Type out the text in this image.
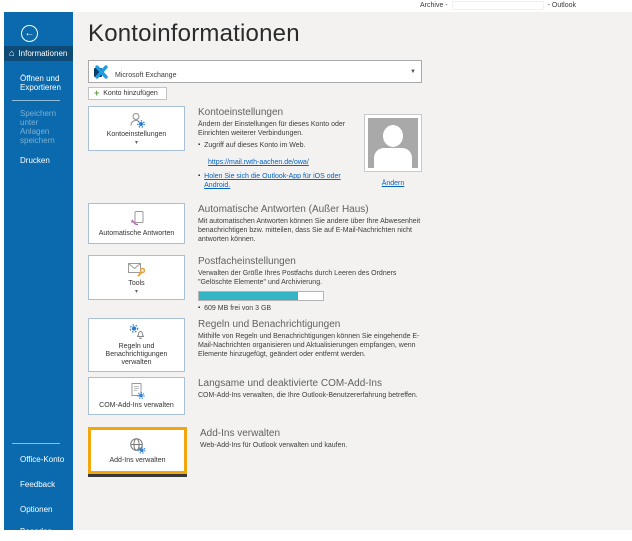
Archive -	- Outlook
←
⌂ Informationen
Öffnen und Exportieren
Speichern unter
Anlagen speichern
Drucken
Office-Konto
Feedback
Optionen
Beenden
Kontoinformationen
Microsoft Exchange	▼
+ Konto hinzufügen
Kontoeinstellungen
▾
Kontoeinstellungen

Ändern der Einstellungen für dieses Konto oder Einrichten weiterer Verbindungen.

▪ Zugriff auf dieses Konto im Web.
https://mail.rwth-aachen.de/owa/
▪ Holen Sie sich die Outlook-App für iOS oder Android.	Ändern
Automatische Antworten
Automatische Antworten (Außer Haus)

Mit automatischen Antworten können Sie andere über Ihre Abwesenheit benachrichtigen bzw. mitteilen, dass Sie auf E-Mail-Nachrichten nicht antworten können.

Tools
▾
Postfacheinstellungen

Verwalten der Größe Ihres Postfachs durch Leeren des Ordners "Gelöschte Elemente" und Archivierung.

▪ 609 MB frei von 3 GB
Regeln und Benachrichtigungen verwalten
Regeln und Benachrichtigungen

Mithilfe von Regeln und Benachrichtigungen können Sie eingehende E-Mail-Nachrichten organisieren und Aktualisierungen empfangen, wenn Elemente hinzugefügt, geändert oder entfernt werden.

COM-Add-Ins verwalten
Langsame und deaktivierte COM-Add-Ins

COM-Add-Ins verwalten, die Ihre Outlook-Benutzererfahrung betreffen.

Add-Ins verwalten
Add-Ins verwalten

Web-Add-Ins für Outlook verwalten und kaufen.
